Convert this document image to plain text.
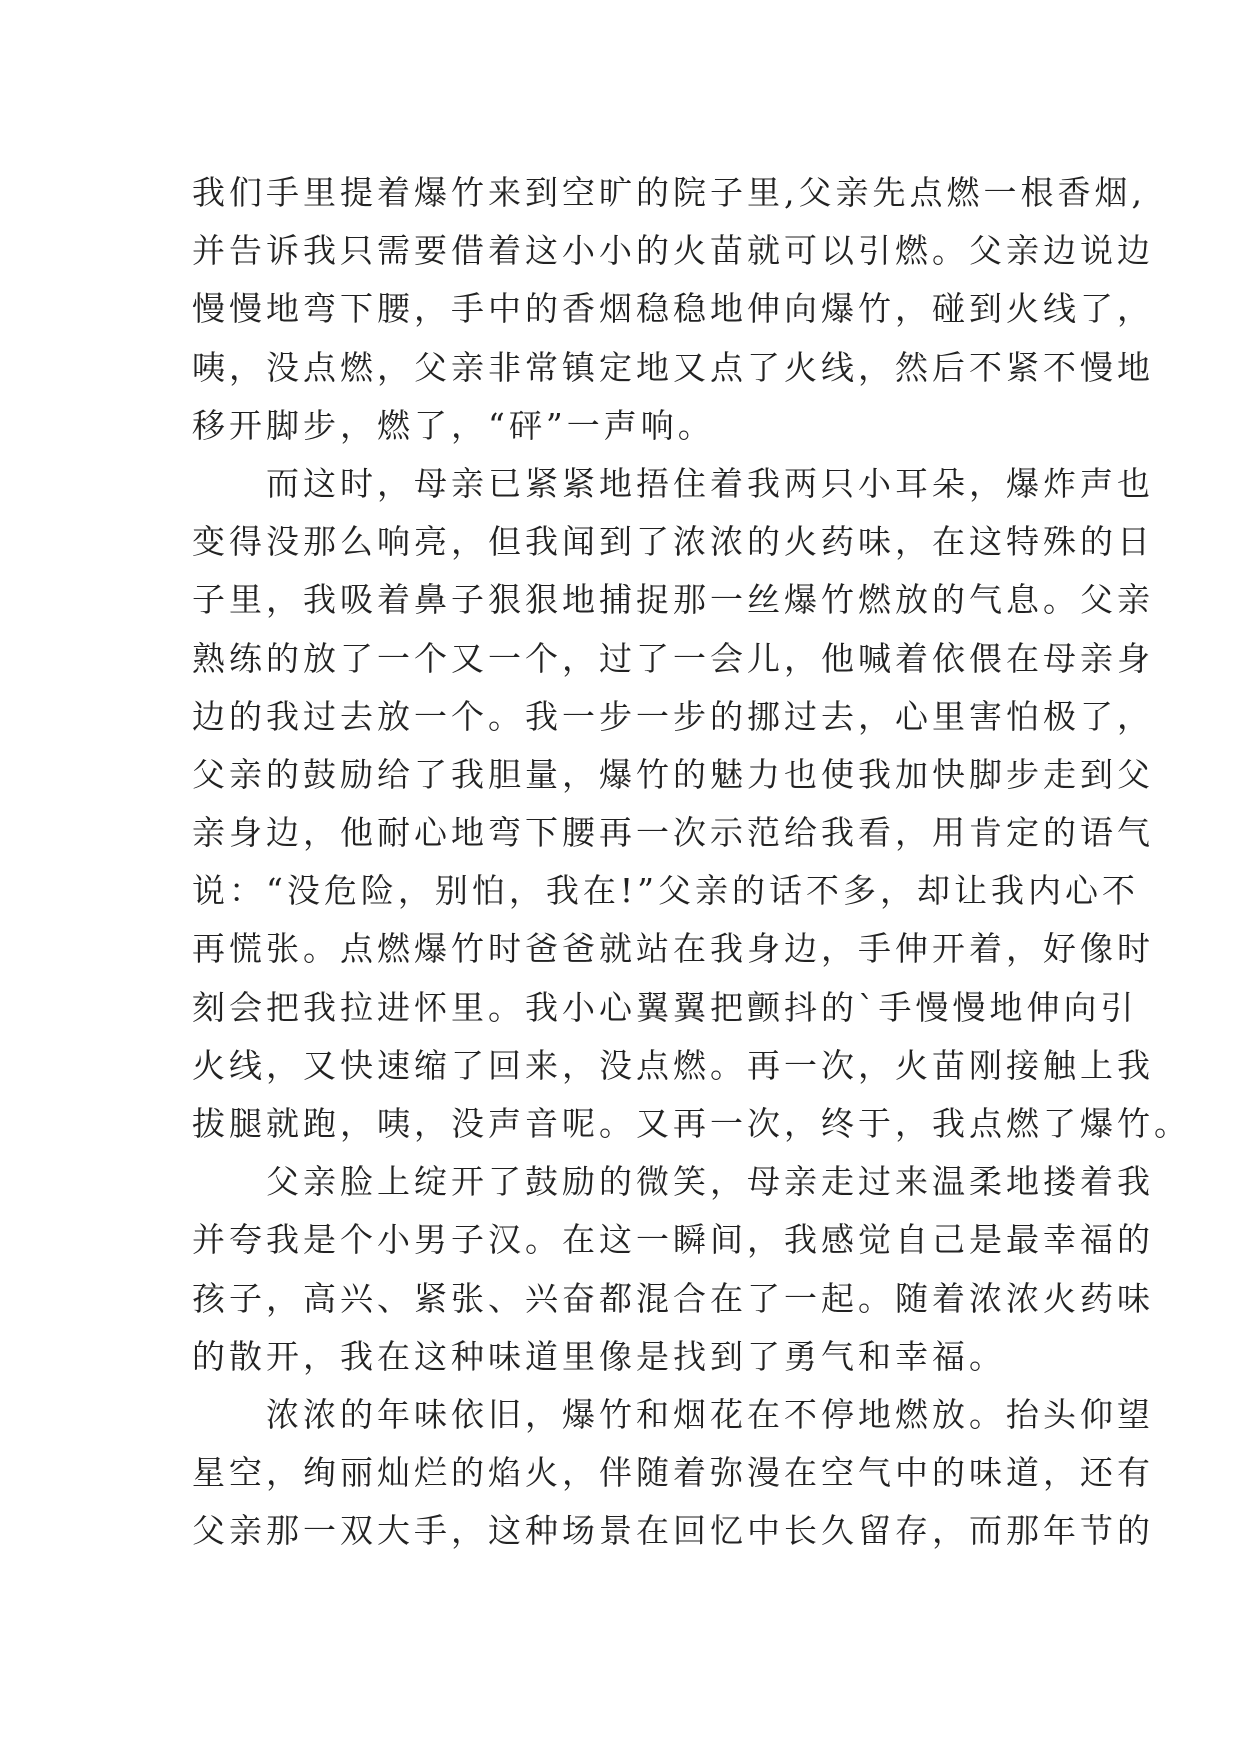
我们手里提着爆竹来到空旷的院子里,父亲先点燃一根香烟,
并告诉我只需要借着这小小的火苗就可以引燃。父亲边说边
慢慢地弯下腰，手中的香烟稳稳地伸向爆竹，碰到火线了，
咦，没点燃，父亲非常镇定地又点了火线，然后不紧不慢地
移开脚步，燃了，“砰”一声响。
　　而这时，母亲已紧紧地捂住着我两只小耳朵，爆炸声也
变得没那么响亮，但我闻到了浓浓的火药味，在这特殊的日
子里，我吸着鼻子狠狠地捕捉那一丝爆竹燃放的气息。父亲
熟练的放了一个又一个，过了一会儿，他喊着依偎在母亲身
边的我过去放一个。我一步一步的挪过去，心里害怕极了，
父亲的鼓励给了我胆量，爆竹的魅力也使我加快脚步走到父
亲身边，他耐心地弯下腰再一次示范给我看，用肯定的语气
说：“没危险，别怕，我在!”父亲的话不多，却让我内心不
再慌张。点燃爆竹时爸爸就站在我身边，手伸开着，好像时
刻会把我拉进怀里。我小心翼翼把颤抖的`手慢慢地伸向引
火线，又快速缩了回来，没点燃。再一次，火苗刚接触上我
拔腿就跑，咦，没声音呢。又再一次，终于，我点燃了爆竹。
　　父亲脸上绽开了鼓励的微笑，母亲走过来温柔地搂着我
并夸我是个小男子汉。在这一瞬间，我感觉自己是最幸福的
孩子，高兴、紧张、兴奋都混合在了一起。随着浓浓火药味
的散开，我在这种味道里像是找到了勇气和幸福。
　　浓浓的年味依旧，爆竹和烟花在不停地燃放。抬头仰望
星空，绚丽灿烂的焰火，伴随着弥漫在空气中的味道，还有
父亲那一双大手，这种场景在回忆中长久留存，而那年节的
